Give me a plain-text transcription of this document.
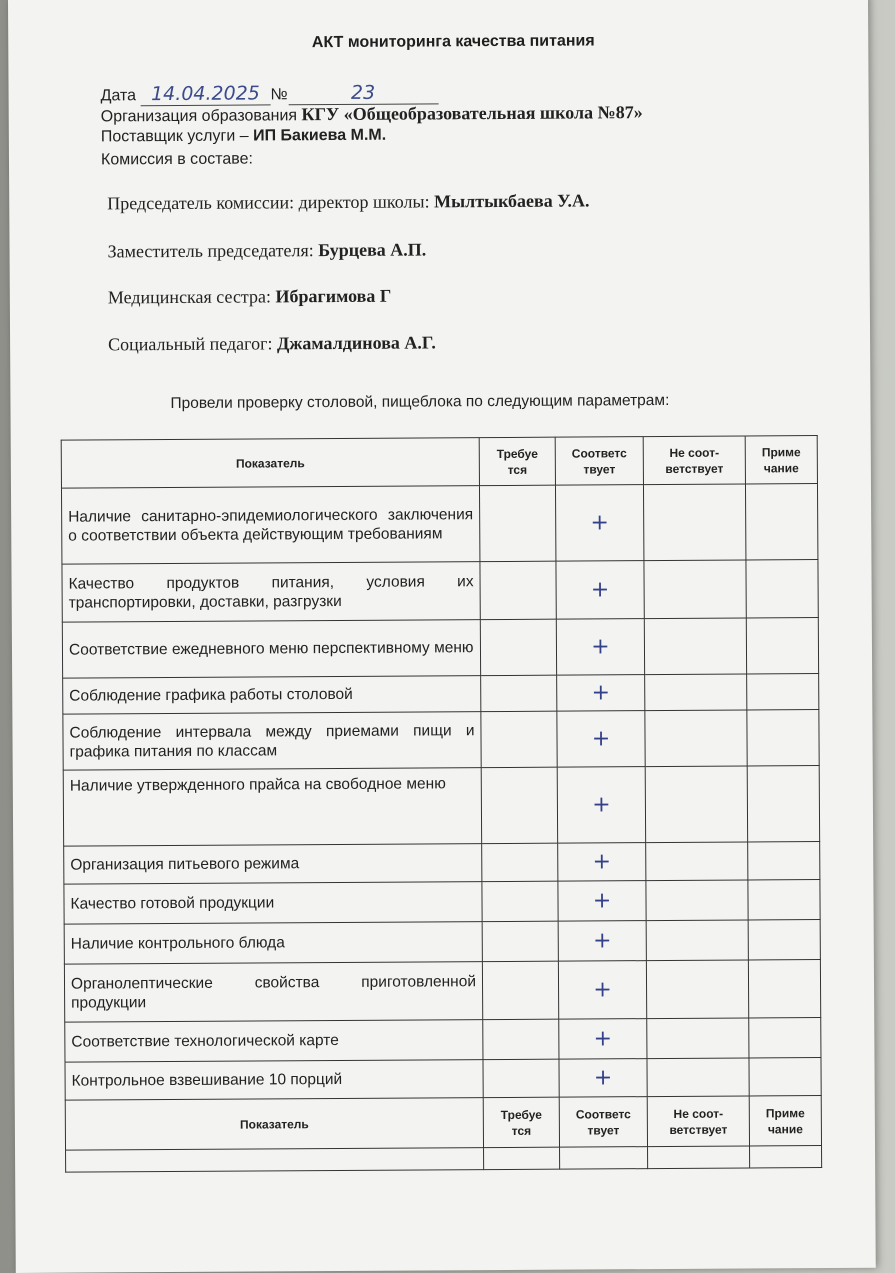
АКТ мониторинга качества питания
Дата 14.04.2025 №	23
Организация образования КГУ «Общеобразовательная школа №87»
Поставщик услуги – ИП Бакиева М.М.
Комиссия в составе:
Председатель комиссии: директор школы: Мылтыкбаева У.А.
Заместитель председателя: Бурцева А.П.
Медицинская сестра: Ибрагимова Г
Социальный педагог: Джамалдинова А.Г.
Провели проверку столовой, пищеблока по следующим параметрам:
Показатель	Требуе тся	Соответс твует	Не соот-ветствует	Приме чание
Наличие санитарно-эпидемиологического заключения о соответствии объекта действующим требованиям		+		

Качество продуктов питания, условия их транспортировки, доставки, разгрузки		+		

Соответствие ежедневного меню перспективному меню		+		

Соблюдение графика работы столовой		+		

Соблюдение интервала между приемами пищи и графика питания по классам		+		

Наличие утвержденного прайса на свободное меню		+		

Организация питьевого режима		+		

Качество готовой продукции		+		

Наличие контрольного блюда		+		

Органолептические свойства приготовленной продукции		+		

Соответствие технологической карте		+		

Контрольное взвешивание 10 порций		+		

Показатель	Требуе тся	Соответс твует	Не соот-ветствует	Приме чание
